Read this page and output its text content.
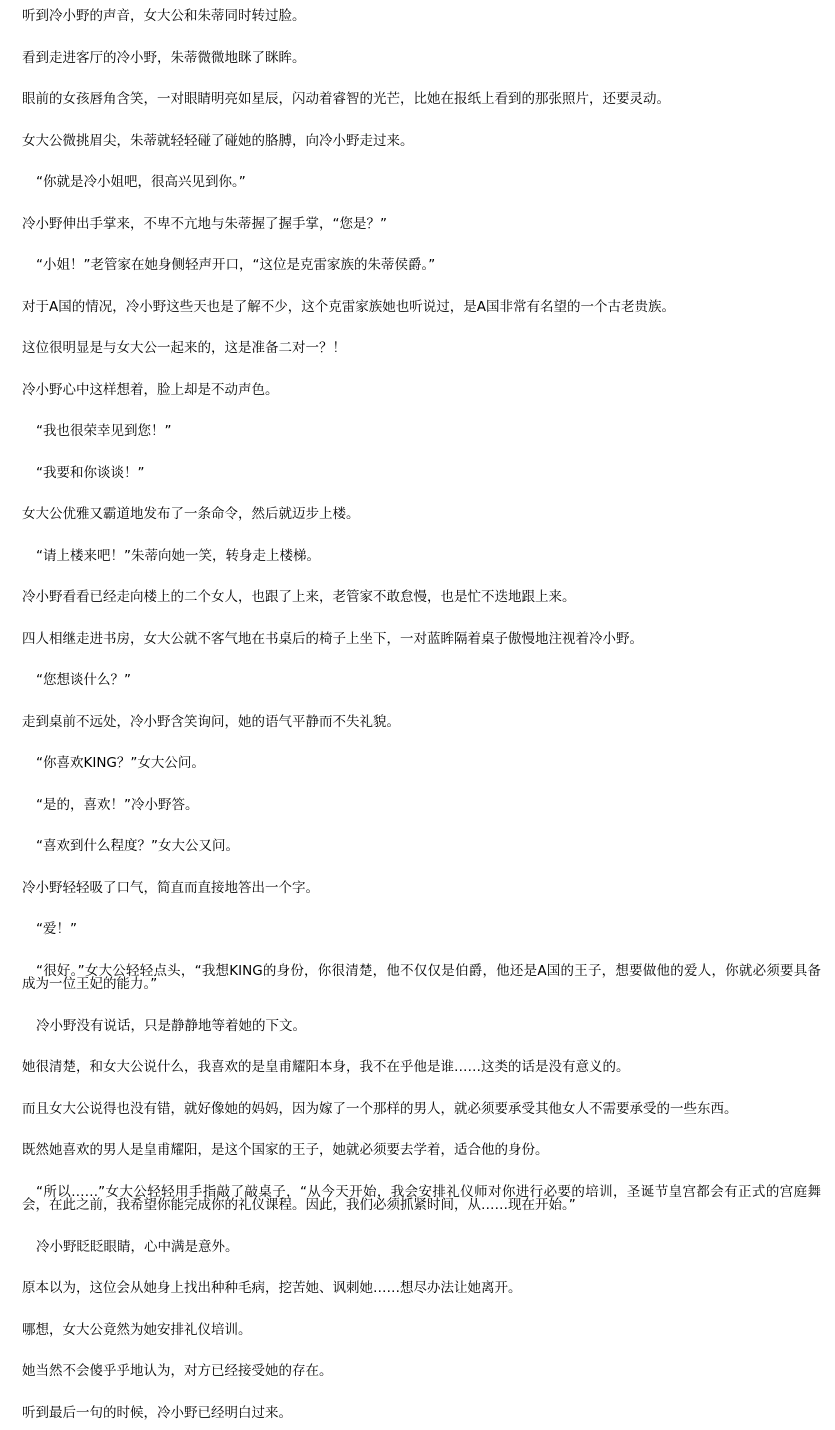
听到冷小野的声音，女大公和朱蒂同时转过脸。

看到走进客厅的冷小野，朱蒂微微地眯了眯眸。

眼前的女孩唇角含笑，一对眼睛明亮如星辰，闪动着睿智的光芒，比她在报纸上看到的那张照片，还要灵动。

女大公微挑眉尖，朱蒂就轻轻碰了碰她的胳膊，向冷小野走过来。

“你就是冷小姐吧，很高兴见到你。”

冷小野伸出手掌来，不卑不亢地与朱蒂握了握手掌，“您是？”

“小姐！”老管家在她身侧轻声开口，“这位是克雷家族的朱蒂侯爵。”

对于A国的情况，冷小野这些天也是了解不少，这个克雷家族她也听说过，是A国非常有名望的一个古老贵族。

这位很明显是与女大公一起来的，这是准备二对一？！

冷小野心中这样想着，脸上却是不动声色。

“我也很荣幸见到您！”

“我要和你谈谈！”

女大公优雅又霸道地发布了一条命令，然后就迈步上楼。

“请上楼来吧！”朱蒂向她一笑，转身走上楼梯。

冷小野看看已经走向楼上的二个女人，也跟了上来，老管家不敢怠慢，也是忙不迭地跟上来。

四人相继走进书房，女大公就不客气地在书桌后的椅子上坐下，一对蓝眸隔着桌子傲慢地注视着冷小野。

“您想谈什么？”

走到桌前不远处，冷小野含笑询问，她的语气平静而不失礼貌。

“你喜欢KING？”女大公问。

“是的，喜欢！”冷小野答。

“喜欢到什么程度？”女大公又问。

冷小野轻轻吸了口气，简直而直接地答出一个字。

“爱！”

“很好。”女大公轻轻点头，“我想KING的身份，你很清楚，他不仅仅是伯爵，他还是A国的王子，想要做他的爱人，你就必须要具备成为一位王妃的能力。”

冷小野没有说话，只是静静地等着她的下文。

她很清楚，和女大公说什么，我喜欢的是皇甫耀阳本身，我不在乎他是谁……这类的话是没有意义的。

而且女大公说得也没有错，就好像她的妈妈，因为嫁了一个那样的男人，就必须要承受其他女人不需要承受的一些东西。

既然她喜欢的男人是皇甫耀阳，是这个国家的王子，她就必须要去学着，适合他的身份。

“所以……”女大公轻轻用手指敲了敲桌子，“从今天开始，我会安排礼仪师对你进行必要的培训，圣诞节皇宫都会有正式的宫庭舞会，在此之前，我希望你能完成你的礼仪课程。因此，我们必须抓紧时间，从……现在开始。”

冷小野眨眨眼睛，心中满是意外。

原本以为，这位会从她身上找出种种毛病，挖苦她、讽刺她……想尽办法让她离开。

哪想，女大公竟然为她安排礼仪培训。

她当然不会傻乎乎地认为，对方已经接受她的存在。

听到最后一句的时候，冷小野已经明白过来。
